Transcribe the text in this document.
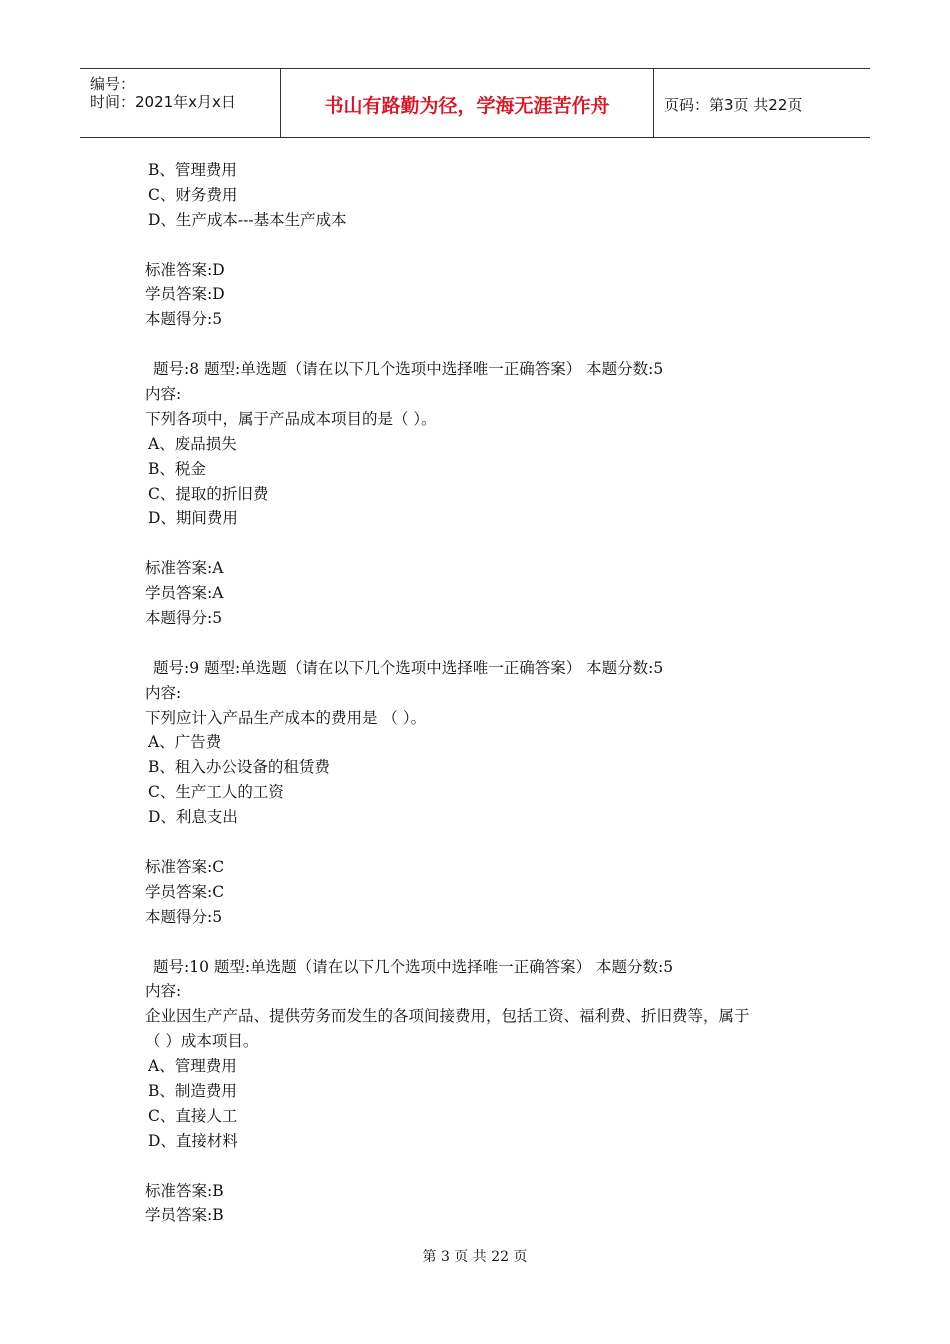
编号：
时间：2021年x月x日	书山有路勤为径，学海无涯苦作舟	页码：第3页 共22页
B、管理费用
C、财务费用
D、生产成本---基本生产成本
标准答案:D
学员答案:D
本题得分:5
题号:8 题型:单选题（请在以下几个选项中选择唯一正确答案） 本题分数:5
内容:
下列各项中，属于产品成本项目的是（ ）。
A、废品损失
B、税金
C、提取的折旧费
D、期间费用
标准答案:A
学员答案:A
本题得分:5
题号:9 题型:单选题（请在以下几个选项中选择唯一正确答案） 本题分数:5
内容:
下列应计入产品生产成本的费用是 （ ）。
A、广告费
B、租入办公设备的租赁费
C、生产工人的工资
D、利息支出
标准答案:C
学员答案:C
本题得分:5
题号:10 题型:单选题（请在以下几个选项中选择唯一正确答案） 本题分数:5
内容:
企业因生产产品、提供劳务而发生的各项间接费用，包括工资、福利费、折旧费等，属于
（ ）成本项目。
A、管理费用
B、制造费用
C、直接人工
D、直接材料
标准答案:B
学员答案:B
第 3 页 共 22 页
